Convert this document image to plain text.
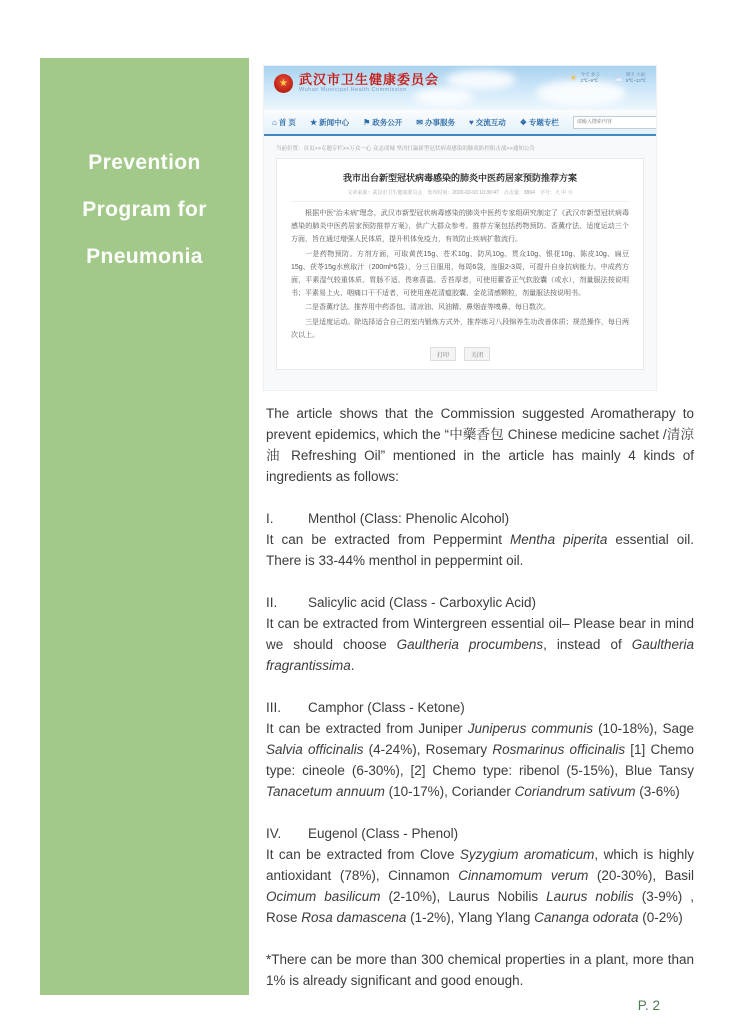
Prevention
Program for
Pneumonia
★ 武汉市卫生健康委员会
Wuhan Municipal Health Commission
☀ 今天 多云
2℃~9℃ ☁ 明天 小雨
5℃~13℃
⌂ 首 页 ★ 新闻中心 ⚑ 政务公开 ✉ 办事服务 ♥ 交流互动 ❖ 专题专栏
请输入搜索内容
当前位置：首页>>专题专栏>>万众一心 众志成城 坚决打赢新型冠状病毒感染的肺炎防控阻击战>>通知公告
我市出台新型冠状病毒感染的肺炎中医药居家预防推荐方案
文章来源：武汉市卫生健康委员会　发布时间：2020-02-03 10:39:47　点击量：3864　字号：大 中 小

根据中医“治未病”理念，武汉市新型冠状病毒感染的肺炎中医药专家组研究制定了《武汉市新型冠状病毒感染的肺炎中医药居家预防推荐方案》，供广大群众参考。推荐方案包括药物预防、香薰疗法、适度运动三个方面，旨在通过增强人民体质，提升机体免疫力，有效防止疾病扩散流行。

一是药物预防。方剂方面，可取黄芪15g、苍术10g、防风10g、贯众10g、银花10g、陈皮10g、扁豆15g、茯苓15g水煎取汁（200ml*6袋），分三日服用，每周6袋，连服2-3周，可提升自身抗病能力。中成药方面，平素湿气较重体质、胃肠不适、畏寒喜温、舌苔厚者，可使用藿香正气软胶囊（或水），剂量服法按说明书；平素易上火、咽痛口干不适者，可使用莲花清瘟胶囊、金花清感颗粒，剂量服法按说明书。

二是香薰疗法。推荐用中药香包、清凉油、风油精、鼻烟壶等嗅鼻，每日数次。

三是适度运动。除选择适合自己的室内锻炼方式外，推荐练习八段锦养生功改善体质；规范操作，每日两次以上。

打印	关闭

The article shows that the Commission suggested Aromatherapy to prevent epidemics, which the “中藥香包 Chinese medicine sachet /清涼油 Refreshing Oil” mentioned in the article has mainly 4 kinds of ingredients as follows:

I.	Menthol (Class: Phenolic Alcohol)

It can be extracted from Peppermint Mentha piperita essential oil. There is 33-44% menthol in peppermint oil.

II.	Salicylic acid (Class - Carboxylic Acid)

It can be extracted from Wintergreen essential oil– Please bear in mind we should choose Gaultheria procumbens, instead of Gaultheria fragrantissima.

III.	Camphor (Class - Ketone)

It can be extracted from Juniper Juniperus communis (10-18%), Sage Salvia officinalis (4-24%), Rosemary Rosmarinus officinalis [1] Chemo type: cineole (6-30%), [2] Chemo type: ribenol (5-15%), Blue Tansy Tanacetum annuum (10-17%), Coriander Coriandrum sativum (3-6%)

IV.	Eugenol (Class - Phenol)

It can be extracted from Clove Syzygium aromaticum, which is highly antioxidant (78%), Cinnamon Cinnamomum verum (20-30%), Basil Ocimum basilicum (2-10%), Laurus Nobilis Laurus nobilis (3-9%) , Rose Rosa damascena (1-2%), Ylang Ylang Cananga odorata (0-2%)

*There can be more than 300 chemical properties in a plant, more than 1% is already significant and good enough.

P. 2
